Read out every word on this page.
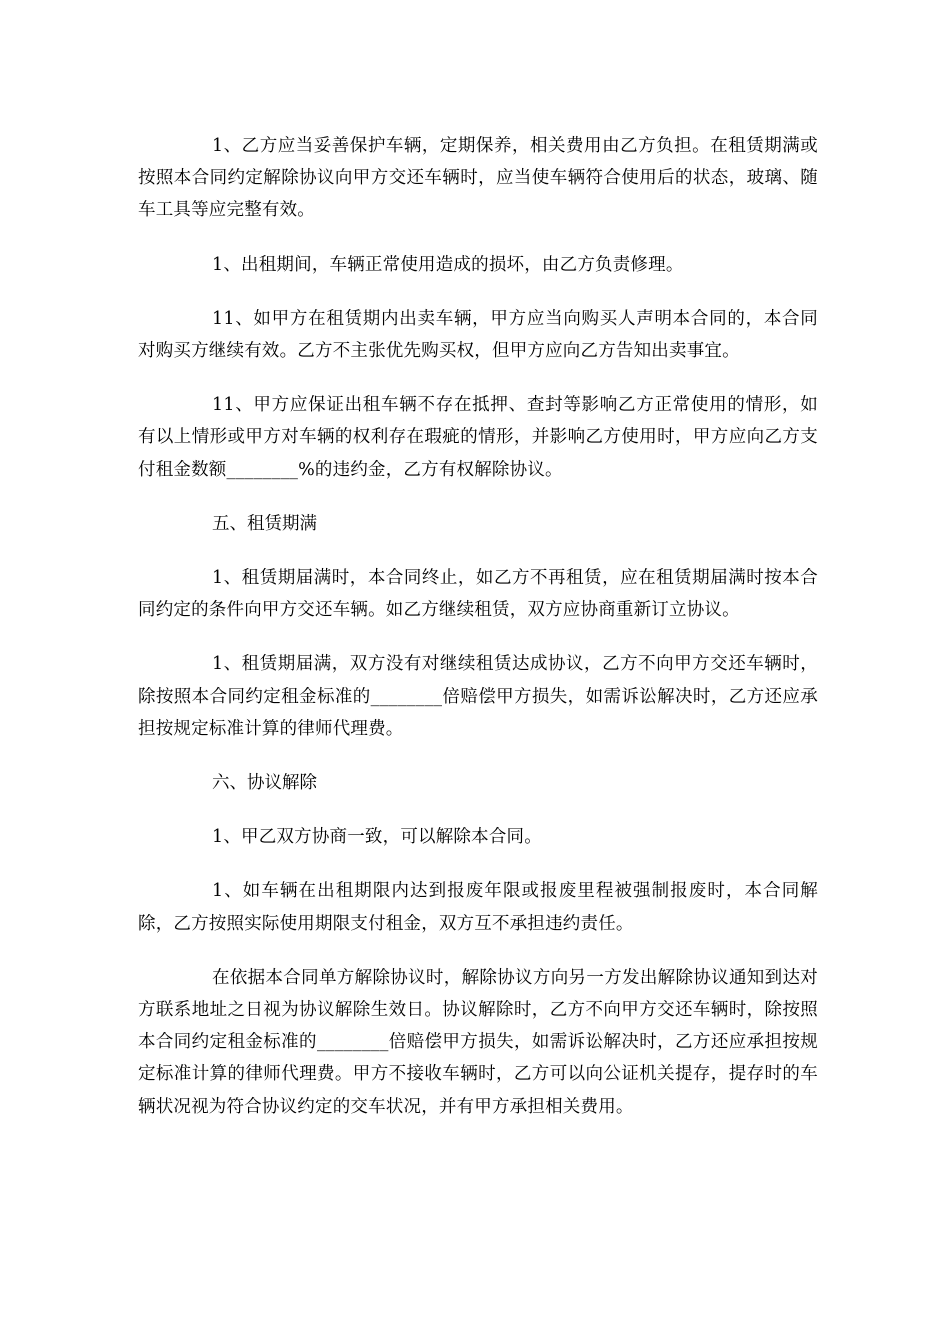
1、乙方应当妥善保护车辆，定期保养，相关费用由乙方负担。在租赁期满或按照本合同约定解除协议向甲方交还车辆时，应当使车辆符合使用后的状态，玻璃、随车工具等应完整有效。

1、出租期间，车辆正常使用造成的损坏，由乙方负责修理。

11、如甲方在租赁期内出卖车辆，甲方应当向购买人声明本合同的，本合同对购买方继续有效。乙方不主张优先购买权，但甲方应向乙方告知出卖事宜。

11、甲方应保证出租车辆不存在抵押、查封等影响乙方正常使用的情形，如有以上情形或甲方对车辆的权利存在瑕疵的情形，并影响乙方使用时，甲方应向乙方支付租金数额________%的违约金，乙方有权解除协议。

五、租赁期满

1、租赁期届满时，本合同终止，如乙方不再租赁，应在租赁期届满时按本合同约定的条件向甲方交还车辆。如乙方继续租赁，双方应协商重新订立协议。

1、租赁期届满，双方没有对继续租赁达成协议，乙方不向甲方交还车辆时，除按照本合同约定租金标准的________倍赔偿甲方损失，如需诉讼解决时，乙方还应承担按规定标准计算的律师代理费。

六、协议解除

1、甲乙双方协商一致，可以解除本合同。

1、如车辆在出租期限内达到报废年限或报废里程被强制报废时，本合同解除，乙方按照实际使用期限支付租金，双方互不承担违约责任。

在依据本合同单方解除协议时，解除协议方向另一方发出解除协议通知到达对方联系地址之日视为协议解除生效日。协议解除时，乙方不向甲方交还车辆时，除按照本合同约定租金标准的________倍赔偿甲方损失，如需诉讼解决时，乙方还应承担按规定标准计算的律师代理费。甲方不接收车辆时，乙方可以向公证机关提存，提存时的车辆状况视为符合协议约定的交车状况，并有甲方承担相关费用。
